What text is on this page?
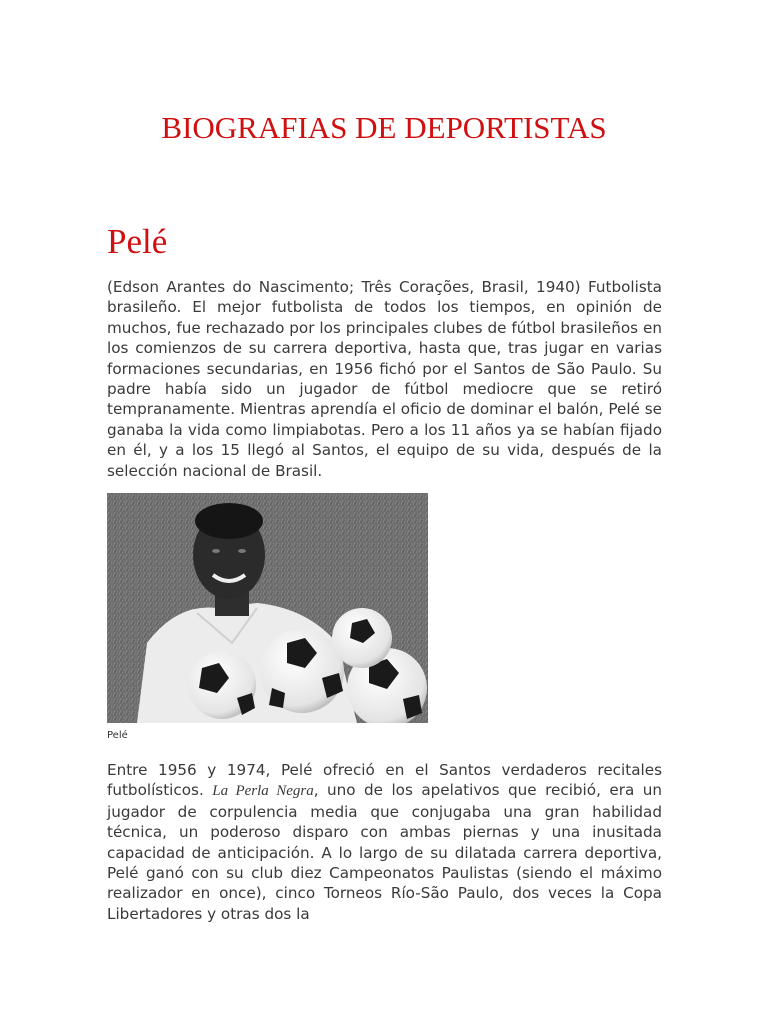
BIOGRAFIAS DE DEPORTISTAS
Pelé

(Edson Arantes do Nascimento; Três Corações, Brasil, 1940) Futbolista brasileño. El mejor futbolista de todos los tiempos, en opinión de muchos, fue rechazado por los principales clubes de fútbol brasileños en los comienzos de su carrera deportiva, hasta que, tras jugar en varias formaciones secundarias, en 1956 fichó por el Santos de São Paulo. Su padre había sido un jugador de fútbol mediocre que se retiró tempranamente. Mientras aprendía el oficio de dominar el balón, Pelé se ganaba la vida como limpiabotas. Pero a los 11 años ya se habían fijado en él, y a los 15 llegó al Santos, el equipo de su vida, después de la selección nacional de Brasil.

Pelé

Entre 1956 y 1974, Pelé ofreció en el Santos verdaderos recitales futbolísticos. La Perla Negra, uno de los apelativos que recibió, era un jugador de corpulencia media que conjugaba una gran habilidad técnica, un poderoso disparo con ambas piernas y una inusitada capacidad de anticipación. A lo largo de su dilatada carrera deportiva, Pelé ganó con su club diez Campeonatos Paulistas (siendo el máximo realizador en once), cinco Torneos Río-São Paulo, dos veces la Copa Libertadores y otras dos la
